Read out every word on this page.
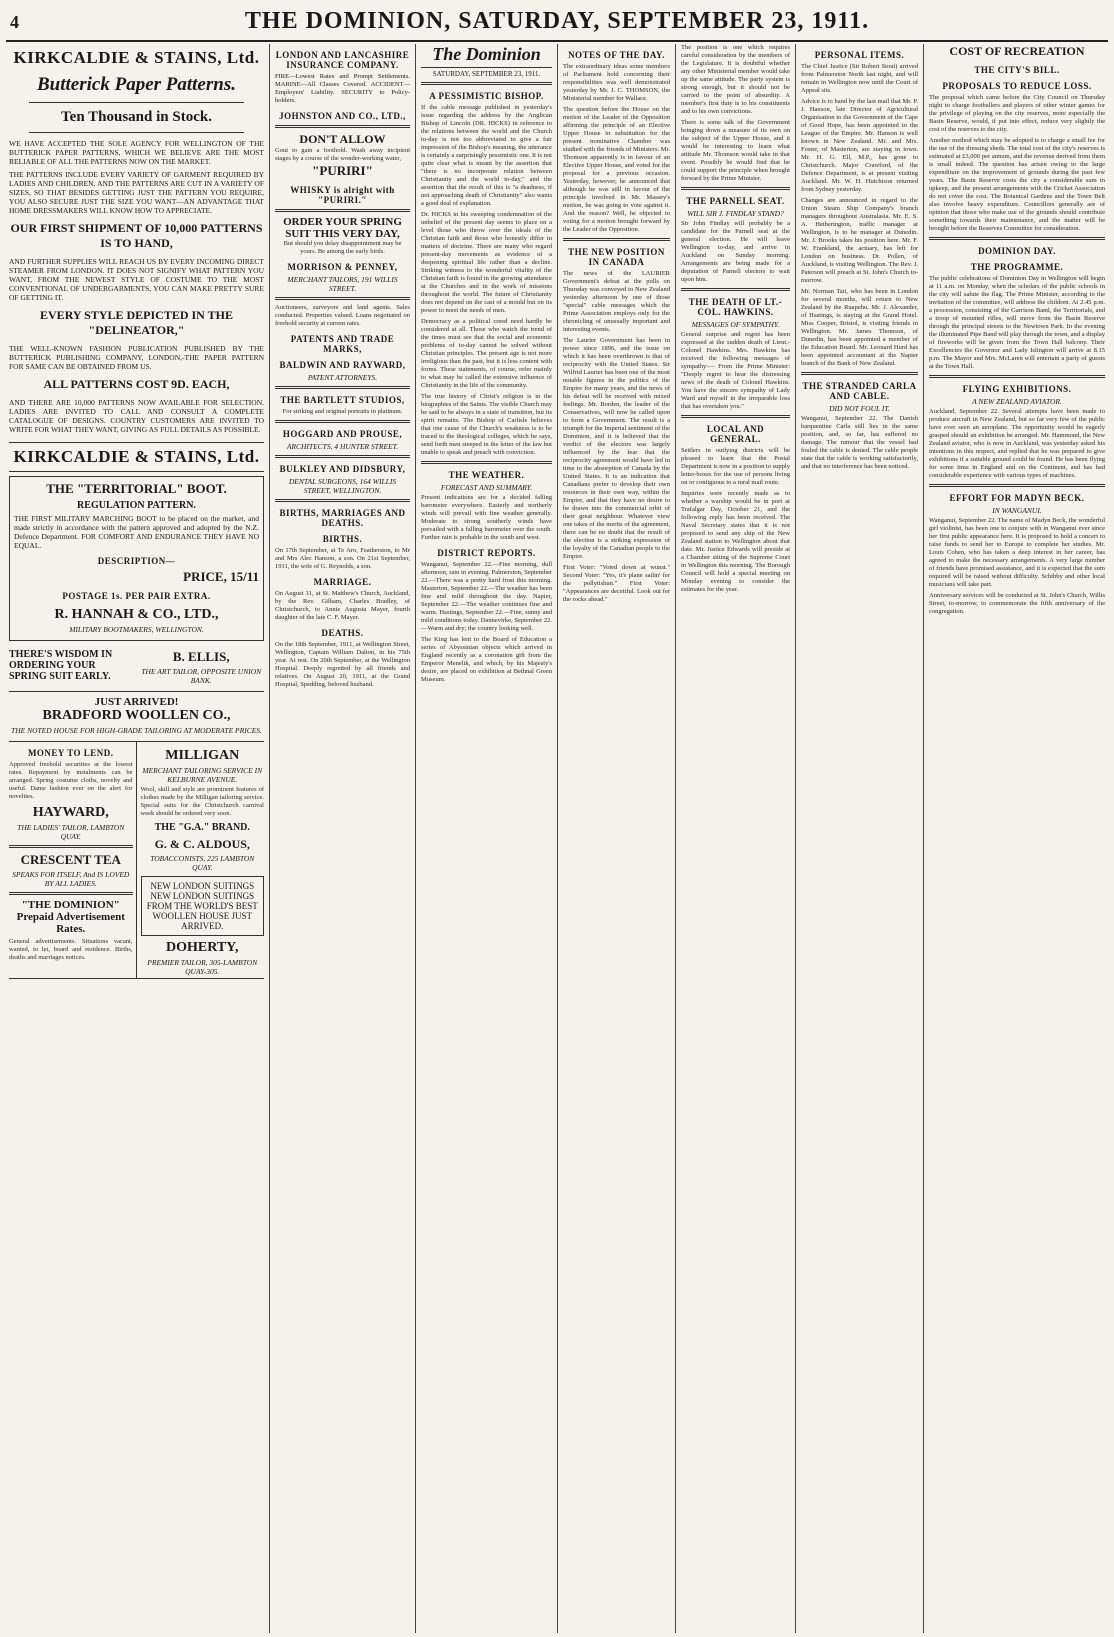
4	THE DOMINION, SATURDAY, SEPTEMBER 23, 1911.
KIRKCALDIE & STAINS, Ltd.
Butterick Paper Patterns.
Ten Thousand in Stock.
WE HAVE ACCEPTED THE SOLE AGENCY FOR WELLINGTON OF THE BUTTERICK PAPER PATTERNS, WHICH WE BELIEVE ARE THE MOST RELIABLE OF ALL THE PATTERNS NOW ON THE MARKET.
THE PATTERNS INCLUDE EVERY VARIETY OF GARMENT REQUIRED BY LADIES AND CHILDREN, AND THE PATTERNS ARE CUT IN A VARIETY OF SIZES, SO THAT BESIDES GETTING JUST THE PATTERN YOU REQUIRE, YOU ALSO SECURE JUST THE SIZE YOU WANT—AN ADVANTAGE THAT HOME DRESSMAKERS WILL KNOW HOW TO APPRECIATE.
OUR FIRST SHIPMENT OF 10,000 PATTERNS IS TO HAND,
AND FURTHER SUPPLIES WILL REACH US BY EVERY INCOMING DIRECT STEAMER FROM LONDON. IT DOES NOT SIGNIFY WHAT PATTERN YOU WANT, FROM THE NEWEST STYLE OF COSTUME TO THE MOST CONVENTIONAL OF UNDERGARMENTS, YOU CAN MAKE PRETTY SURE OF GETTING IT.
EVERY STYLE DEPICTED IN THE "DELINEATOR,"
THE WELL-KNOWN FASHION PUBLICATION PUBLISHED BY THE BUTTERICK PUBLISHING COMPANY, LONDON,-THE PAPER PATTERN FOR SAME CAN BE OBTAINED FROM US.
ALL PATTERNS COST 9D. EACH,
AND THERE ARE 10,000 PATTERNS NOW AVAILABLE FOR SELECTION. LADIES ARE INVITED TO CALL AND CONSULT A COMPLETE CATALOGUE OF DESIGNS. COUNTRY CUSTOMERS ARE INVITED TO WRITE FOR WHAT THEY WANT, GIVING AS FULL DETAILS AS POSSIBLE.
KIRKCALDIE & STAINS, Ltd.
THE "TERRITORIAL" BOOT.
REGULATION PATTERN.
THE FIRST MILITARY MARCHING BOOT to be placed on the market, and made strictly in accordance with the pattern approved and adopted by the N.Z. Defence Department. FOR COMFORT AND ENDURANCE THEY HAVE NO EQUAL.
DESCRIPTION—
PRICE, 15/11
POSTAGE 1s. PER PAIR EXTRA.
R. HANNAH & CO., LTD.,
MILITARY BOOTMAKERS, WELLINGTON.
THERE'S WISDOM IN ORDERING YOUR SPRING SUIT EARLY.
B. ELLIS,
THE ART TAILOR, OPPOSITE UNION BANK.
JUST ARRIVED!
BRADFORD WOOLLEN CO.,
THE NOTED HOUSE FOR HIGH-GRADE TAILORING AT MODERATE PRICES.
MONEY TO LEND.
Approved freehold securities at the lowest rates. Repayment by instalments can be arranged. Spring costume cloths, novelty and useful. Dame fashion ever on the alert for novelties.
HAYWARD,
THE LADIES' TAILOR, LAMBTON QUAY.
CRESCENT TEA
SPEAKS FOR ITSELF, And IS LOVED BY ALL LADIES.
"THE DOMINION" Prepaid Advertisement Rates.
General advertisements. Situations vacant, wanted, to let, board and residence. Births, deaths and marriages notices.
MILLIGAN
MERCHANT TAILORING SERVICE IN KELBURNE AVENUE.
Wool, skill and style are prominent features of clothes made by the Milligan tailoring service. Special suits for the Christchurch carnival week should be ordered very soon.
THE "G.A." BRAND.
G. & C. ALDOUS,
TOBACCONISTS, 225 LAMBTON QUAY.
NEW LONDON SUITINGS NEW LONDON SUITINGS FROM THE WORLD'S BEST WOOLLEN HOUSE JUST ARRIVED.
DOHERTY,
PREMIER TAILOR, 305-LAMBTON QUAY-305.
LONDON AND LANCASHIRE INSURANCE COMPANY.
FIRE—Lowest Rates and Prompt Settlements. MARINE—All Classes Covered. ACCIDENT—Employers' Liability. SECURITY to Policy-holders.
JOHNSTON AND CO., LTD.,
DON'T ALLOW
Gout to gain a foothold. Wash away incipient stages by a course of the wonder-working water,
"PURIRI"
WHISKY is alright with "PURIRI."
ORDER YOUR SPRING SUIT THIS VERY DAY,
But should you delay disappointment may be yours. Be among the early birds.
MORRISON & PENNEY,
MERCHANT TAILORS, 191 WILLIS STREET.
Auctioneers, surveyors and land agents. Sales conducted. Properties valued. Loans negotiated on freehold security at current rates.
PATENTS AND TRADE MARKS,
BALDWIN AND RAYWARD,
PATENT ATTORNEYS.
THE BARTLETT STUDIOS,
For striking and original portraits in platinum.
HOGGARD AND PROUSE,
ARCHITECTS, 4 HUNTER STREET.
BULKLEY AND DIDSBURY,
DENTAL SURGEONS, 164 WILLIS STREET, WELLINGTON.
BIRTHS, MARRIAGES AND DEATHS.
BIRTHS.
On 17th September, at Te Aro, Featherston, to Mr and Mrs Alec Hanson, a son. On 21st September, 1911, the wife of G. Reynolds, a son.
MARRIAGE.
On August 31, at St. Matthew's Church, Auckland, by the Rev. Gilham, Charles Bradley, of Christchurch, to Annie Augusta Mayer, fourth daughter of the late C. F. Mayer.
DEATHS.
On the 18th September, 1911, at Wellington Street, Wellington, Captain William Dalton, in his 75th year. At rest. On 20th September, at the Wellington Hospital. Deeply regretted by all friends and relatives. On August 20, 1911, at the Grand Hospital, Spedding, beloved husband.
The Dominion
SATURDAY, SEPTEMBER 23, 1911.
A PESSIMISTIC BISHOP.
If the cable message published in yesterday's issue regarding the address by the Anglican Bishop of Lincoln (DR. HICKS) in reference to the relations between the world and the Church to-day is not too abbreviated to give a fair impression of the Bishop's meaning, the utterance is certainly a surprisingly pessimistic one. It is not quite clear what is meant by the assertion that "there is no incorporate relation between Christianity and the world to-day," and the assertion that the result of this is "a deadness, if not approaching death of Christianity" also wants a good deal of explanation.
Dr. HICKS in his sweeping condemnation of the unbelief of the present day seems to place on a level those who throw over the ideals of the Christian faith and those who honestly differ in matters of doctrine. There are many who regard present-day movements as evidence of a deepening spiritual life rather than a decline. Striking witness to the wonderful vitality of the Christian faith is found in the growing attendance at the Churches and in the work of missions throughout the world. The future of Christianity does not depend on the cast of a mould but on its power to meet the needs of men.
Democracy as a political creed need hardly be considered at all. Those who watch the trend of the times must see that the social and economic problems of to-day cannot be solved without Christian principles. The present age is not more irreligious than the past, but it is less content with forms. These statements, of course, refer mainly to what may be called the extensive influence of Christianity in the life of the community.
The true history of Christ's religion is in the biographies of the Saints. The visible Church may be said to be always in a state of transition, but its spirit remains. The Bishop of Carlisle believes that one cause of the Church's weakness is to be traced to the theological colleges, which he says, send forth men steeped in the letter of the law but unable to speak and preach with conviction.
THE WEATHER.
FORECAST AND SUMMARY.
Present indications are for a decided falling barometer everywhere. Easterly and northerly winds will prevail with fine weather generally. Moderate to strong southerly winds have prevailed with a falling barometer over the south. Further rain is probable in the south and west.
DISTRICT REPORTS.
Wanganui, September 22.—Fine morning, dull afternoon, rain in evening. Palmerston, September 22.—There was a pretty hard frost this morning. Masterton, September 22.—The weather has been fine and mild throughout the day. Napier, September 22.—The weather continues fine and warm. Hastings, September 22.—Fine, sunny and mild conditions today. Dannevirke, September 22.—Warm and dry; the country looking well.
The King has lent to the Board of Education a series of Abyssinian objects which arrived in England recently as a coronation gift from the Emperor Menelik, and which, by his Majesty's desire, are placed on exhibition at Bethnal Green Museum.
NOTES OF THE DAY.
The extraordinary ideas some members of Parliament hold concerning their responsibilities was well demonstrated yesterday by Mr. J. C. THOMSON, the Ministerial member for Wallace.
The question before the House on the motion of the Leader of the Opposition affirming the principle of an Elective Upper House in substitution for the present nominative Chamber was studied with the friends of Ministers. Mr. Thomson apparently is in favour of an Elective Upper House, and voted for the proposal for a previous occasion. Yesterday, however, he announced that although he was still in favour of the principle involved in Mr. Massey's motion, he was going to vote against it. And the reason? Well, he objected to voting for a motion brought forward by the Leader of the Opposition.
THE NEW POSITION IN CANADA
The news of the LAURIER Government's defeat at the polls on Thursday was conveyed to New Zealand yesterday afternoon by one of those "special" cable messages which the Prime Association employs only for the chronicling of unusually important and interesting events.
The Laurier Government has been in power since 1896, and the issue on which it has been overthrown is that of reciprocity with the United States. Sir Wilfrid Laurier has been one of the most notable figures in the politics of the Empire for many years, and the news of his defeat will be received with mixed feelings. Mr. Borden, the leader of the Conservatives, will now be called upon to form a Government. The result is a triumph for the Imperial sentiment of the Dominion, and it is believed that the verdict of the electors was largely influenced by the fear that the reciprocity agreement would have led in time to the absorption of Canada by the United States. It is an indication that Canadians prefer to develop their own resources in their own way, within the Empire, and that they have no desire to be drawn into the commercial orbit of their great neighbour. Whatever view one takes of the merits of the agreement, there can be no doubt that the result of the election is a striking expression of the loyalty of the Canadian people to the Empire.
First Voter: "Voted down at wunst." Second Voter: "Yes, it's plane sailin' fer the pollytishun." First Voter: "Appearances are deceitful. Look out fer the rocks ahead."
The position is one which requires careful consideration by the members of the Legislature. It is doubtful whether any other Ministerial member would take up the same attitude. The party system is strong enough, but it should not be carried to the point of absurdity. A member's first duty is to his constituents and to his own convictions.
There is some talk of the Government bringing down a measure of its own on the subject of the Upper House, and it would be interesting to learn what attitude Mr. Thomson would take in that event. Possibly he would find that he could support the principle when brought forward by the Prime Minister.
THE PARNELL SEAT.
WILL SIR J. FINDLAY STAND?
Sir John Findlay will probably be a candidate for the Parnell seat at the general election. He will leave Wellington to-day, and arrive in Auckland on Sunday morning. Arrangements are being made for a deputation of Parnell electors to wait upon him.
THE DEATH OF LT.-COL. HAWKINS.
MESSAGES OF SYMPATHY.
General surprise and regret has been expressed at the sudden death of Lieut.-Colonel Hawkins. Mrs. Hawkins has received the following messages of sympathy:— From the Prime Minister: "Deeply regret to hear the distressing news of the death of Colonel Hawkins. You have the sincere sympathy of Lady Ward and myself in the irreparable loss that has overtaken you."
LOCAL AND GENERAL.
Settlers in outlying districts will be pleased to learn that the Postal Department is now in a position to supply letter-boxes for the use of persons living on or contiguous to a rural mail route.
Inquiries were recently made as to whether a warship would be in port at Trafalgar Day, October 21, and the following reply has been received. The Naval Secretary states that it is not proposed to send any ship of the New Zealand station to Wellington about that date. Mr. Justice Edwards will preside at a Chamber sitting of the Supreme Court in Wellington this morning. The Borough Council will hold a special meeting on Monday evening to consider the estimates for the year.
PERSONAL ITEMS.
The Chief Justice (Sir Robert Stout) arrived from Palmerston North last night, and will remain in Wellington now until the Court of Appeal sits.
Advice is to hand by the last mail that Mr. P. J. Hanson, late Director of Agricultural Organisation to the Government of the Cape of Good Hope, has been appointed to the League of the Empire. Mr. Hanson is well known in New Zealand. Mr. and Mrs. Foster, of Masterton, are staying in town. Mr. H. G. Ell, M.P., has gone to Christchurch. Major Crawford, of the Defence Department, is at present visiting Auckland. Mr. W. H. Hutchison returned from Sydney yesterday.
Changes are announced in regard to the Union Steam Ship Company's branch managers throughout Australasia. Mr. E. S. A. Hetherington, traffic manager at Wellington, is to be manager at Dunedin. Mr. J. Brooks takes his position here. Mr. F. W. Frankland, the actuary, has left for London on business. Dr. Pollen, of Auckland, is visiting Wellington. The Rev. J. Paterson will preach at St. John's Church to-morrow.
Mr. Norman Tait, who has been in London for several months, will return to New Zealand by the Ruapehu. Mr. J. Alexander, of Hastings, is staying at the Grand Hotel. Miss Cooper, Bristol, is visiting friends in Wellington. Mr. James Thomson, of Dunedin, has been appointed a member of the Education Board. Mr. Leonard Hurd has been appointed accountant at the Napier branch of the Bank of New Zealand.
THE STRANDED CARLA AND CABLE.
DID NOT FOUL IT.
Wanganui, September 22. The Danish barquentine Carla still lies in the same position, and, so far, has suffered no damage. The rumour that the vessel had fouled the cable is denied. The cable people state that the cable is working satisfactorily, and that no interference has been noticed.
COST OF RECREATION
THE CITY'S BILL.
PROPOSALS TO REDUCE LOSS.
The proposal which came before the City Council on Thursday night to charge footballers and players of other winter games for the privilege of playing on the city reserves, more especially the Basin Reserve, would, if put into effect, reduce very slightly the cost of the reserves to the city.
Another method which may be adopted is to charge a small fee for the use of the dressing sheds. The total cost of the city's reserves is estimated at £3,000 per annum, and the revenue derived from them is small indeed. The question has arisen owing to the large expenditure on the improvement of grounds during the past few years. The Basin Reserve costs the city a considerable sum in upkeep, and the present arrangements with the Cricket Association do not cover the cost. The Botanical Gardens and the Town Belt also involve heavy expenditure. Councillors generally are of opinion that those who make use of the grounds should contribute something towards their maintenance, and the matter will be brought before the Reserves Committee for consideration.
DOMINION DAY.
THE PROGRAMME.
The public celebrations of Dominion Day in Wellington will begin at 11 a.m. on Monday, when the scholars of the public schools in the city will salute the flag. The Prime Minister, according to the invitation of the committee, will address the children. At 2.45 p.m. a procession, consisting of the Garrison Band, the Territorials, and a troop of mounted rifles, will move from the Basin Reserve through the principal streets to the Newtown Park. In the evening the illuminated Pipe Band will play through the town, and a display of fireworks will be given from the Town Hall balcony. Their Excellencies the Governor and Lady Islington will arrive at 8.15 p.m. The Mayor and Mrs. McLaren will entertain a party of guests at the Town Hall.
FLYING EXHIBITIONS.
A NEW ZEALAND AVIATOR.
Auckland, September 22. Several attempts have been made to produce aircraft in New Zealand, but so far very few of the public have ever seen an aeroplane. The opportunity would be eagerly grasped should an exhibition be arranged. Mr. Hammond, the New Zealand aviator, who is now in Auckland, was yesterday asked his intentions in this respect, and replied that he was prepared to give exhibitions if a suitable ground could be found. He has been flying for some time in England and on the Continent, and has had considerable experience with various types of machines.
EFFORT FOR MADYN BECK.
IN WANGANUI.
Wanganui, September 22. The name of Madyn Beck, the wonderful girl violinist, has been one to conjure with in Wanganui ever since her first public appearance here. It is proposed to hold a concert to raise funds to send her to Europe to complete her studies. Mr. Louis Cohen, who has taken a deep interest in her career, has agreed to make the necessary arrangements. A very large number of friends have promised assistance, and it is expected that the sum required will be raised without difficulty. Schibby and other local musicians will take part.
Anniversary services will be conducted at St. John's Church, Willis Street, to-morrow, to commemorate the fifth anniversary of the congregation.
